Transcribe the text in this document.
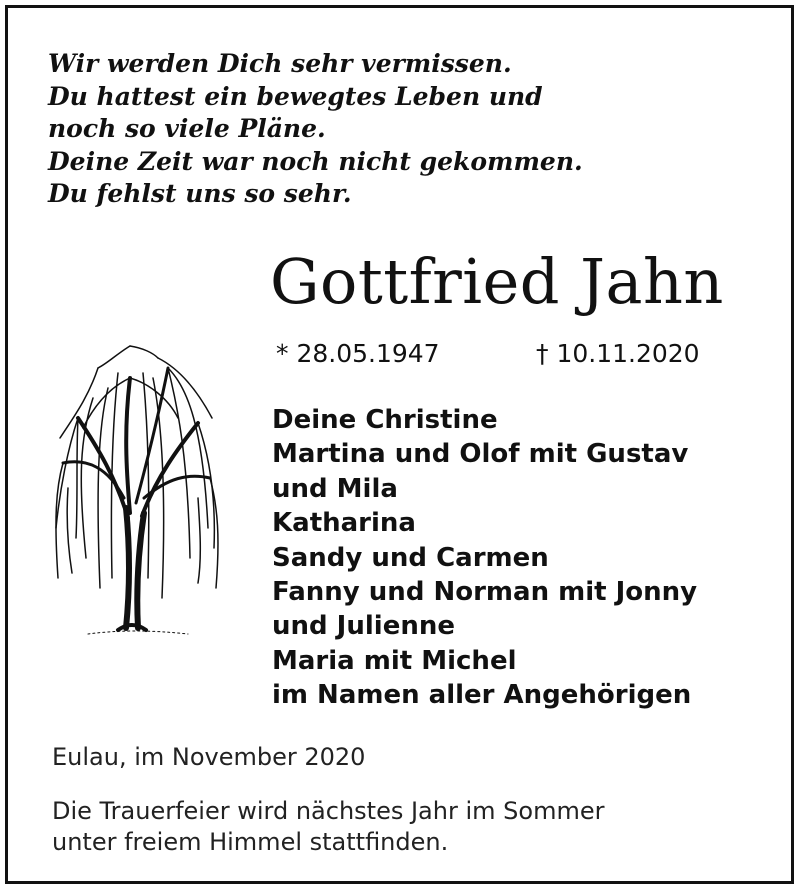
Wir werden Dich sehr vermissen.
Du hattest ein bewegtes Leben und
noch so viele Pläne.
Deine Zeit war noch nicht gekommen.
Du fehlst uns so sehr.
Gottfried Jahn
* 28.05.1947	† 10.11.2020
Deine Christine
Martina und Olof mit Gustav
und Mila
Katharina
Sandy und Carmen
Fanny und Norman mit Jonny
und Julienne
Maria mit Michel
im Namen aller Angehörigen
Eulau, im November 2020
Die Trauerfeier wird nächstes Jahr im Sommer
unter freiem Himmel stattfinden.
